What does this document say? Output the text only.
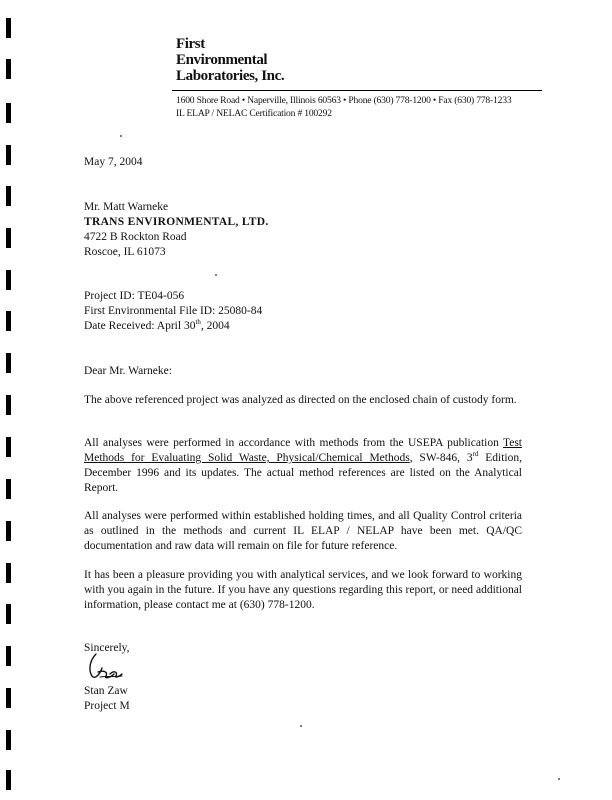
First
Environmental
Laboratories, Inc.
1600 Shore Road • Naperville, Illinois 60563 • Phone (630) 778-1200 • Fax (630) 778-1233
IL ELAP / NELAC Certification # 100292
May 7, 2004
Mr. Matt Warneke
TRANS ENVIRONMENTAL, LTD.
4722 B Rockton Road
Roscoe, IL 61073
Project ID: TE04-056
First Environmental File ID: 25080-84
Date Received: April 30th, 2004
Dear Mr. Warneke:
The above referenced project was analyzed as directed on the enclosed chain of custody form.
All analyses were performed in accordance with methods from the USEPA publication Test Methods for Evaluating Solid Waste, Physical/Chemical Methods, SW-846, 3rd Edition, December 1996 and its updates. The actual method references are listed on the Analytical Report.
All analyses were performed within established holding times, and all Quality Control criteria as outlined in the methods and current IL ELAP / NELAP have been met. QA/QC documentation and raw data will remain on file for future reference.
It has been a pleasure providing you with analytical services, and we look forward to working with you again in the future. If you have any questions regarding this report, or need additional information, please contact me at (630) 778-1200.
Sincerely,
Stan Zaw
Project M
